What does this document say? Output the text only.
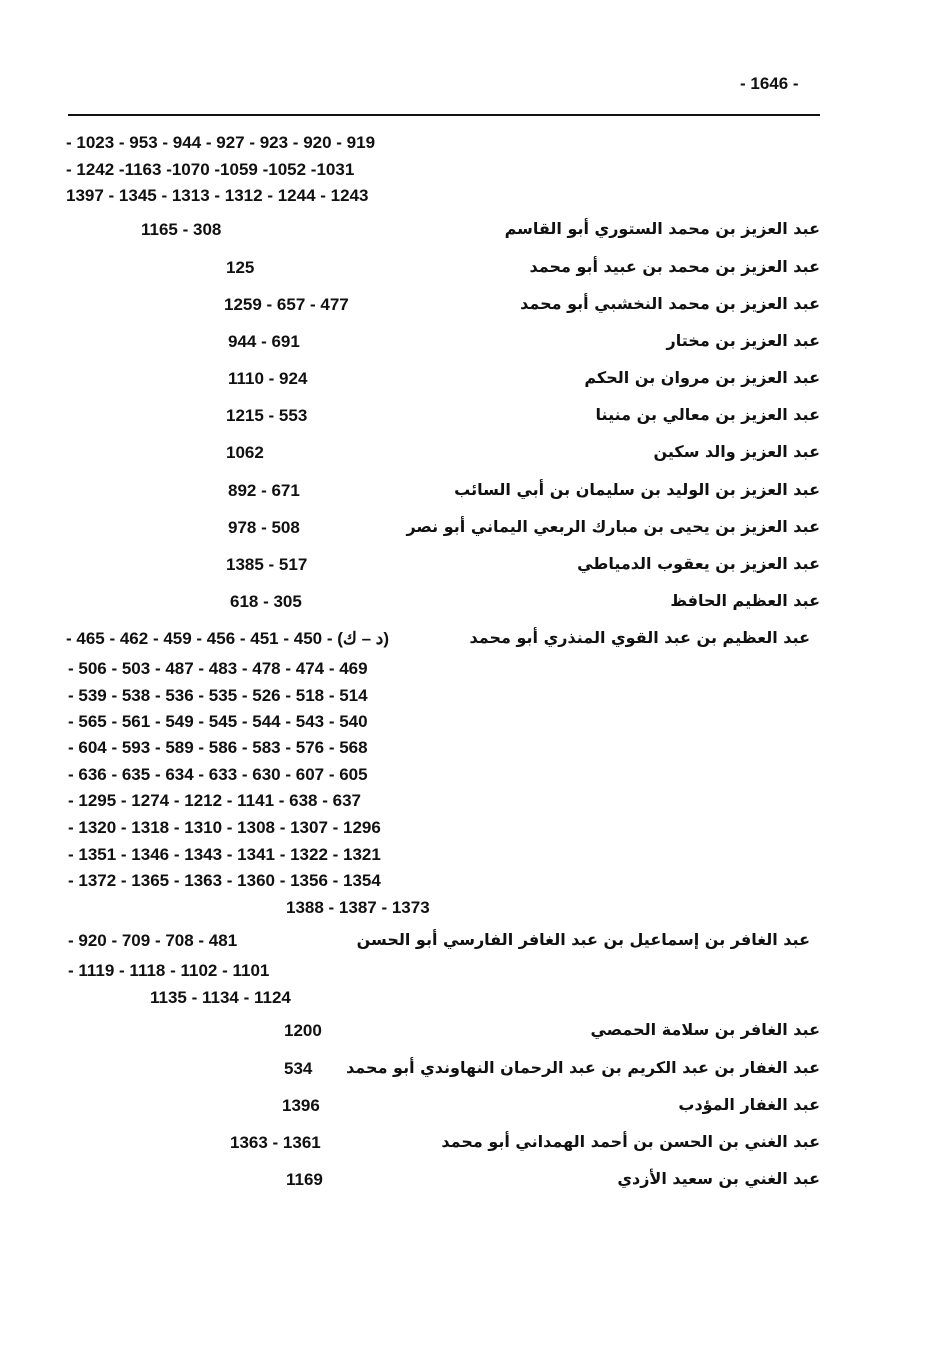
- 1646 -
- 1023 - 953 - 944 - 927 - 923 - 920 - 919
- 1242 -1163 -1070 -1059 -1052 -1031
1397 - 1345 - 1313 - 1312 - 1244 - 1243
عبد العزيز بن محمد الستوري أبو القاسم
1165 - 308
عبد العزيز بن محمد بن عبيد أبو محمد
125
عبد العزيز بن محمد النخشبي أبو محمد
1259 - 657 - 477
عبد العزيز بن مختار
944 - 691
عبد العزيز بن مروان بن الحكم
1110 - 924
عبد العزيز بن معالي بن منينا
1215 - 553
عبد العزيز والد سكين
1062
عبد العزيز بن الوليد بن سليمان بن أبي السائب
892 - 671
عبد العزيز بن يحيى بن مبارك الربعي اليماني أبو نصر
978 - 508
عبد العزيز بن يعقوب الدمياطي
1385 - 517
عبد العظيم الحافظ
618 - 305
عبد العظيم بن عبد القوي المنذري أبو محمد
- 465 - 462 - 459 - 456 - 451 - 450 - (د – ك)
- 506 - 503 - 487 - 483 - 478 - 474 - 469
- 539 - 538 - 536 - 535 - 526 - 518 - 514
- 565 - 561 - 549 - 545 - 544 - 543 - 540
- 604 - 593 - 589 - 586 - 583 - 576 - 568
- 636 - 635 - 634 - 633 - 630 - 607 - 605
- 1295 - 1274 - 1212 - 1141 - 638 - 637
- 1320 - 1318 - 1310 - 1308 - 1307 - 1296
- 1351 - 1346 - 1343 - 1341 - 1322 - 1321
- 1372 - 1365 - 1363 - 1360 - 1356 - 1354
1388 - 1387 - 1373
عبد الغافر بن إسماعيل بن عبد الغافر الفارسي أبو الحسن
- 920 - 709 - 708 - 481
- 1119 - 1118 - 1102 - 1101
1135 - 1134 - 1124
عبد الغافر بن سلامة الحمصي
1200
عبد الغفار بن عبد الكريم بن عبد الرحمان النهاوندي أبو محمد
534
عبد الغفار المؤدب
1396
عبد الغني بن الحسن بن أحمد الهمداني أبو محمد
1363 - 1361
عبد الغني بن سعيد الأزدي
1169
